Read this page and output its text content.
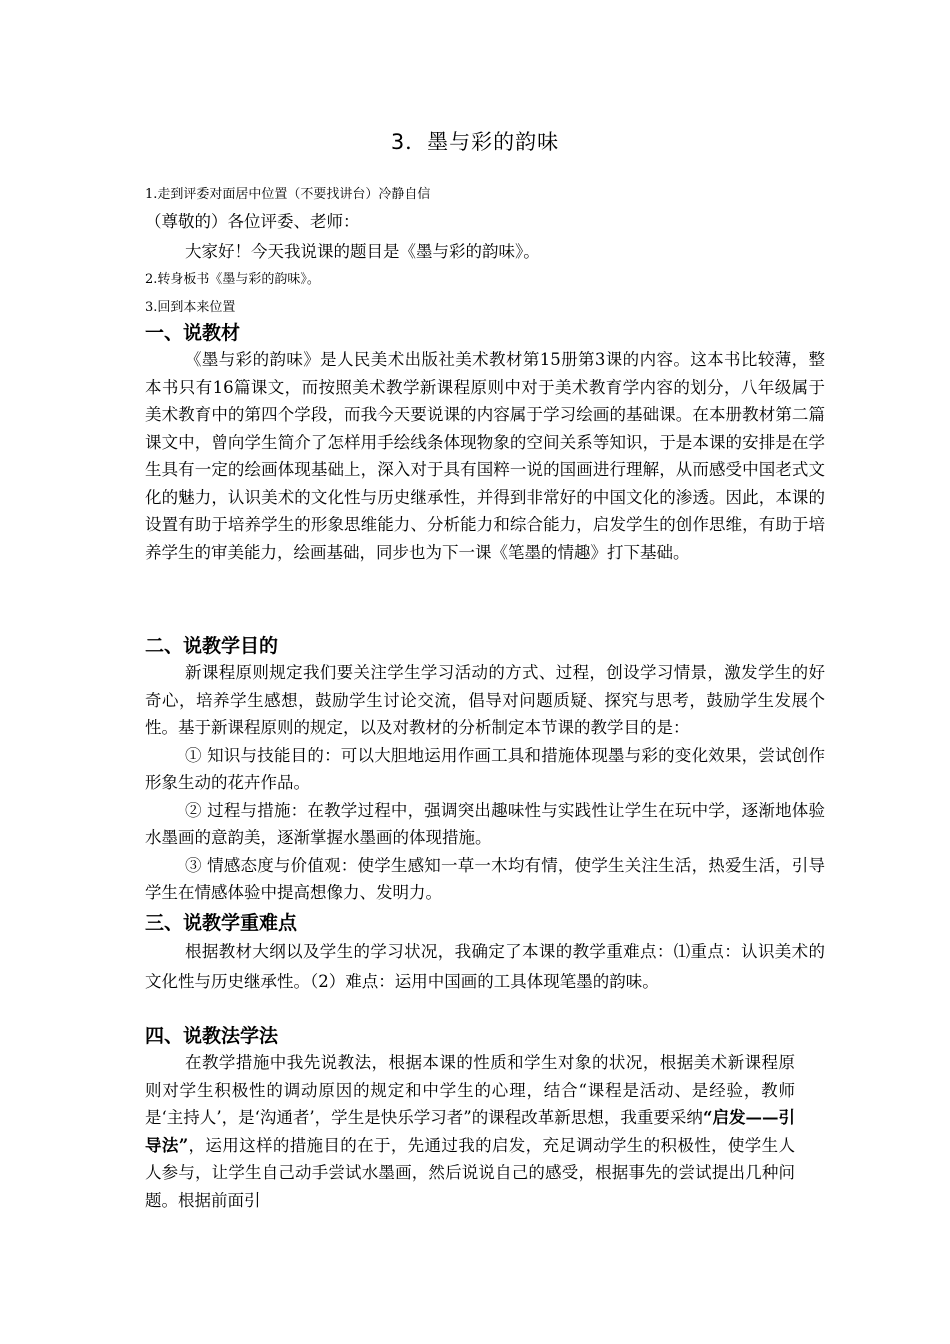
3．墨与彩的韵味
1.走到评委对面居中位置（不要找讲台）冷静自信
（尊敬的）各位评委、老师：
大家好！今天我说课的题目是《墨与彩的韵味》。
2.转身板书《墨与彩的韵味》。
3.回到本来位置
一、说教材

《墨与彩的韵味》是人民美术出版社美术教材第15册第3课的内容。这本书比较薄，整本书只有16篇课文，而按照美术教学新课程原则中对于美术教育学内容的划分，八年级属于美术教育中的第四个学段，而我今天要说课的内容属于学习绘画的基础课。在本册教材第二篇课文中，曾向学生简介了怎样用手绘线条体现物象的空间关系等知识，于是本课的安排是在学生具有一定的绘画体现基础上，深入对于具有国粹一说的国画进行理解，从而感受中国老式文化的魅力，认识美术的文化性与历史继承性，并得到非常好的中国文化的渗透。因此，本课的设置有助于培养学生的形象思维能力、分析能力和综合能力，启发学生的创作思维，有助于培养学生的审美能力，绘画基础，同步也为下一课《笔墨的情趣》打下基础。

二、说教学目的

新课程原则规定我们要关注学生学习活动的方式、过程，创设学习情景，激发学生的好奇心，培养学生感想，鼓励学生讨论交流，倡导对问题质疑、探究与思考，鼓励学生发展个性。基于新课程原则的规定，以及对教材的分析制定本节课的教学目的是：

① 知识与技能目的：可以大胆地运用作画工具和措施体现墨与彩的变化效果，尝试创作形象生动的花卉作品。

② 过程与措施：在教学过程中，强调突出趣味性与实践性让学生在玩中学，逐渐地体验水墨画的意韵美，逐渐掌握水墨画的体现措施。

③ 情感态度与价值观：使学生感知一草一木均有情，使学生关注生活，热爱生活，引导学生在情感体验中提高想像力、发明力。

三、说教学重难点

根据教材大纲以及学生的学习状况，我确定了本课的教学重难点：⑴重点：认识美术的文化性与历史继承性。（2）难点：运用中国画的工具体现笔墨的韵味。

四、说教法学法

在教学措施中我先说教法，根据本课的性质和学生对象的状况，根据美术新课程原则对学生积极性的调动原因的规定和中学生的心理，结合“课程是活动、是经验，教师是‘主持人’，是‘沟通者’，学生是快乐学习者”的课程改革新思想，我重要采纳“启发——引导法”，运用这样的措施目的在于，先通过我的启发，充足调动学生的积极性，使学生人人参与，让学生自己动手尝试水墨画，然后说说自己的感受，根据事先的尝试提出几种问题。根据前面引
